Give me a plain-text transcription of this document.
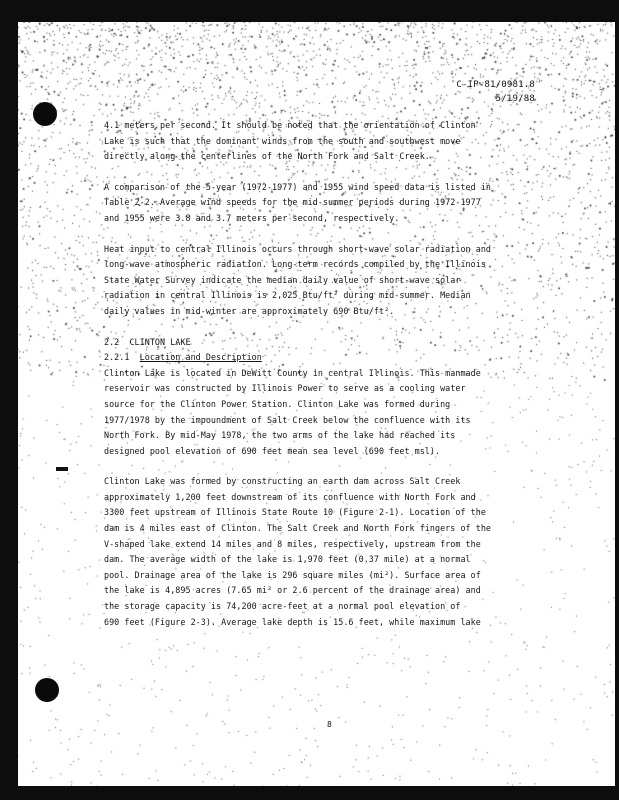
C-IP-81/0981.8
5/19/88
4.1 meters per second. It should be noted that the orientation of Clinton
Lake is such that the dominant winds from the south and southwest move
directly along the centerlines of the North Fork and Salt Creek.
A comparison of the 5-year (1972-1977) and 1955 wind speed data is listed in
Table 2-2. Average wind speeds for the mid-summer periods during 1972-1977
and 1955 were 3.8 and 3.7 meters per second, respectively.
Heat input to central Illinois occurs through short-wave solar radiation and
long-wave atmospheric radiation. Long-term records compiled by the Illinois
State Water Survey indicate the median daily value of short-wave solar
radiation in central Illinois is 2,025 Btu/ft² during mid-summer. Median
daily values in mid-winter are approximately 690 Btu/ft².
2.2 CLINTON LAKE
2.2.1 Location and Description
Clinton Lake is located in DeWitt County in central Illinois. This manmade
reservoir was constructed by Illinois Power to serve as a cooling water
source for the Clinton Power Station. Clinton Lake was formed during
1977/1978 by the impoundment of Salt Creek below the confluence with its
North Fork. By mid-May 1978, the two arms of the lake had reached its
designed pool elevation of 690 feet mean sea level (690 feet msl).
Clinton Lake was formed by constructing an earth dam across Salt Creek
approximately 1,200 feet downstream of its confluence with North Fork and
3300 feet upstream of Illinois State Route 10 (Figure 2-1). Location of the
dam is 4 miles east of Clinton. The Salt Creek and North Fork fingers of the
V-shaped lake extend 14 miles and 8 miles, respectively, upstream from the
dam. The average width of the lake is 1,970 feet (0.37 mile) at a normal
pool. Drainage area of the lake is 296 square miles (mi²). Surface area of
the lake is 4,895 acres (7.65 mi² or 2.6 percent of the drainage area) and
the storage capacity is 74,200 acre-feet at a normal pool elevation of
690 feet (Figure 2-3). Average lake depth is 15.6 feet, while maximum lake
8
